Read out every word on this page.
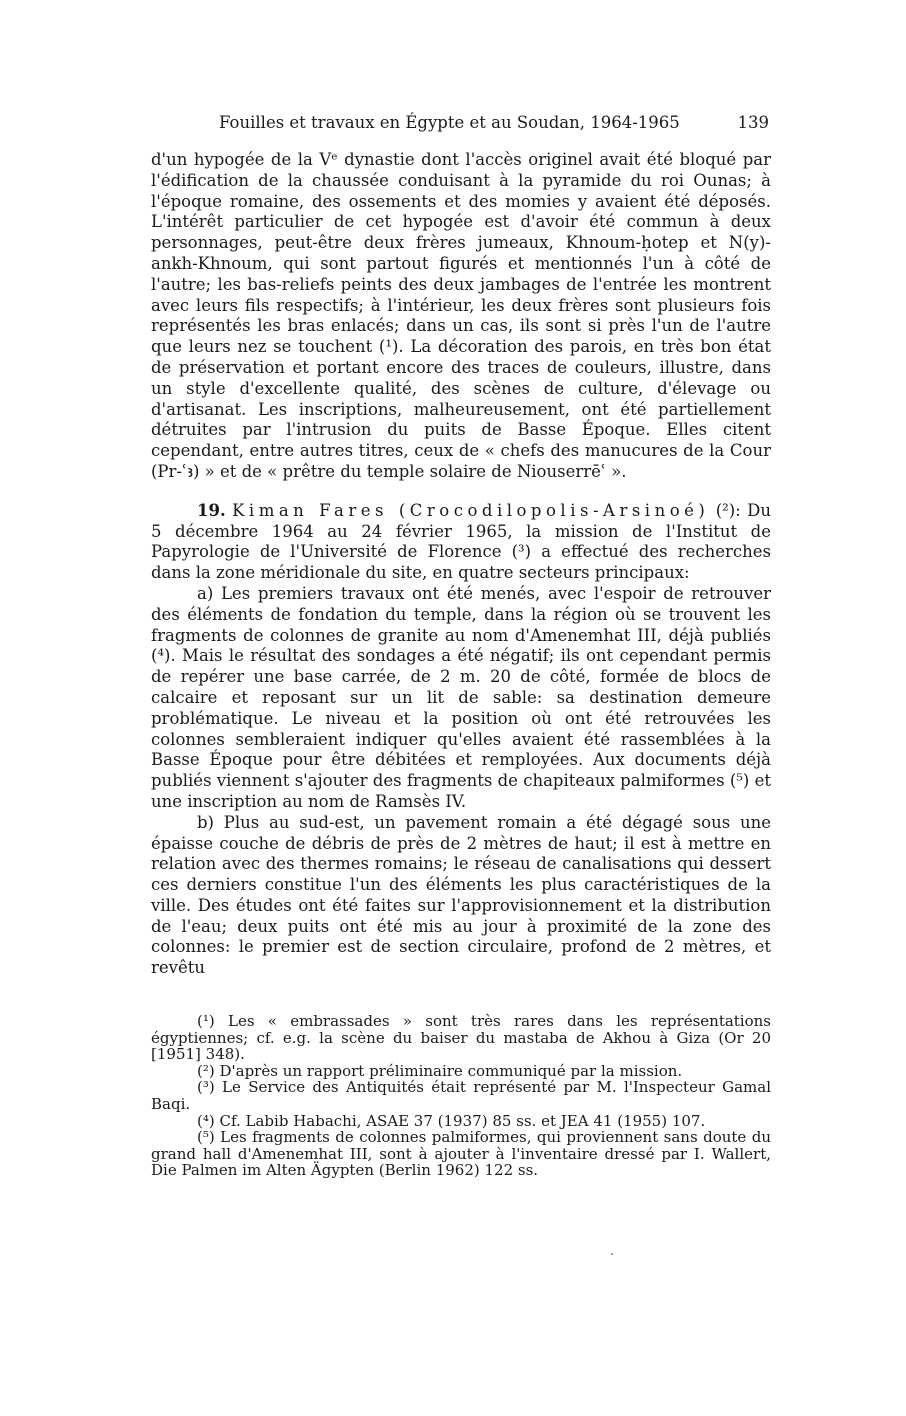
Fouilles et travaux en Égypte et au Soudan, 1964-1965	139

d'un hypogée de la Vᵉ dynastie dont l'accès originel avait été bloqué par l'édification de la chaussée conduisant à la pyramide du roi Ounas; à l'époque romaine, des ossements et des momies y avaient été déposés. L'intérêt particulier de cet hypogée est d'avoir été commun à deux personnages, peut-être deux frères jumeaux, Khnoum-ḥotep et N(y)-ankh-Khnoum, qui sont partout figurés et mentionnés l'un à côté de l'autre; les bas-reliefs peints des deux jambages de l'entrée les montrent avec leurs fils respectifs; à l'intérieur, les deux frères sont plusieurs fois représentés les bras enlacés; dans un cas, ils sont si près l'un de l'autre que leurs nez se touchent (¹). La décoration des parois, en très bon état de préservation et portant encore des traces de couleurs, illustre, dans un style d'excellente qualité, des scènes de culture, d'élevage ou d'artisanat. Les inscriptions, malheureusement, ont été partiellement détruites par l'intrusion du puits de Basse Époque. Elles citent cependant, entre autres titres, ceux de « chefs des manucures de la Cour (Pr-ʿꜣ) » et de « prêtre du temple solaire de Niouserrēʿ ».

19. Kiman Fares (Crocodilopolis-Arsinoé) (²): Du 5 décembre 1964 au 24 février 1965, la mission de l'Institut de Papyrologie de l'Université de Florence (³) a effectué des recherches dans la zone méridionale du site, en quatre secteurs principaux:

a) Les premiers travaux ont été menés, avec l'espoir de retrouver des éléments de fondation du temple, dans la région où se trouvent les fragments de colonnes de granite au nom d'Amenemhat III, déjà publiés (⁴). Mais le résultat des sondages a été négatif; ils ont cependant permis de repérer une base carrée, de 2 m. 20 de côté, formée de blocs de calcaire et reposant sur un lit de sable: sa destination demeure problématique. Le niveau et la position où ont été retrouvées les colonnes sembleraient indiquer qu'elles avaient été rassemblées à la Basse Époque pour être débitées et remployées. Aux documents déjà publiés viennent s'ajouter des fragments de chapiteaux palmiformes (⁵) et une inscription au nom de Ramsès IV.

b) Plus au sud-est, un pavement romain a été dégagé sous une épaisse couche de débris de près de 2 mètres de haut; il est à mettre en relation avec des thermes romains; le réseau de canalisations qui dessert ces derniers constitue l'un des éléments les plus caractéristiques de la ville. Des études ont été faites sur l'approvisionnement et la distribution de l'eau; deux puits ont été mis au jour à proximité de la zone des colonnes: le premier est de section circulaire, profond de 2 mètres, et revêtu

(¹) Les « embrassades » sont très rares dans les représentations égyptiennes; cf. e.g. la scène du baiser du mastaba de Akhou à Giza (Or 20 [1951] 348).

(²) D'après un rapport préliminaire communiqué par la mission.

(³) Le Service des Antiquités était représenté par M. l'Inspecteur Gamal Baqi.

(⁴) Cf. Labib Habachi, ASAE 37 (1937) 85 ss. et JEA 41 (1955) 107.

(⁵) Les fragments de colonnes palmiformes, qui proviennent sans doute du grand hall d'Amenemhat III, sont à ajouter à l'inventaire dressé par I. Wallert, Die Palmen im Alten Ägypten (Berlin 1962) 122 ss.
